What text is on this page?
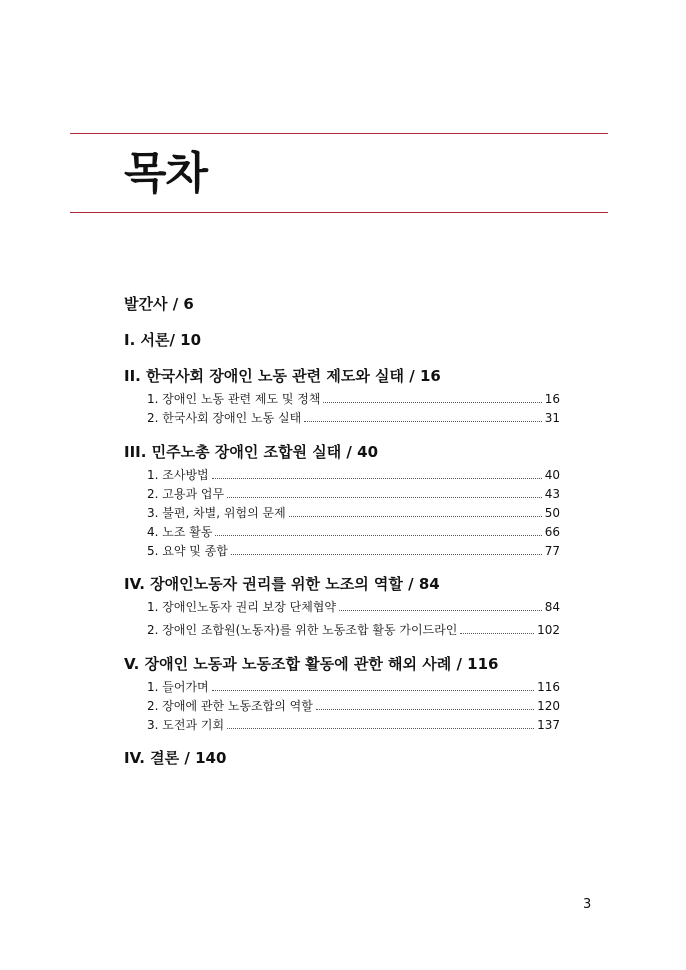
목차
발간사 / 6
I. 서론/ 10
II. 한국사회 장애인 노동 관련 제도와 실태 / 16
1. 장애인 노동 관련 제도 및 정책	16
2. 한국사회 장애인 노동 실태	31
III. 민주노총 장애인 조합원 실태 / 40
1. 조사방법	40
2. 고용과 업무	43
3. 불편, 차별, 위험의 문제	50
4. 노조 활동	66
5. 요약 및 종합	77
IV. 장애인노동자 권리를 위한 노조의 역할 / 84
1. 장애인노동자 권리 보장 단체협약	84
2. 장애인 조합원(노동자)를 위한 노동조합 활동 가이드라인	102
V. 장애인 노동과 노동조합 활동에 관한 해외 사례 / 116
1. 들어가며	116
2. 장애에 관한 노동조합의 역할	120
3. 도전과 기회	137
IV. 결론 / 140
3
